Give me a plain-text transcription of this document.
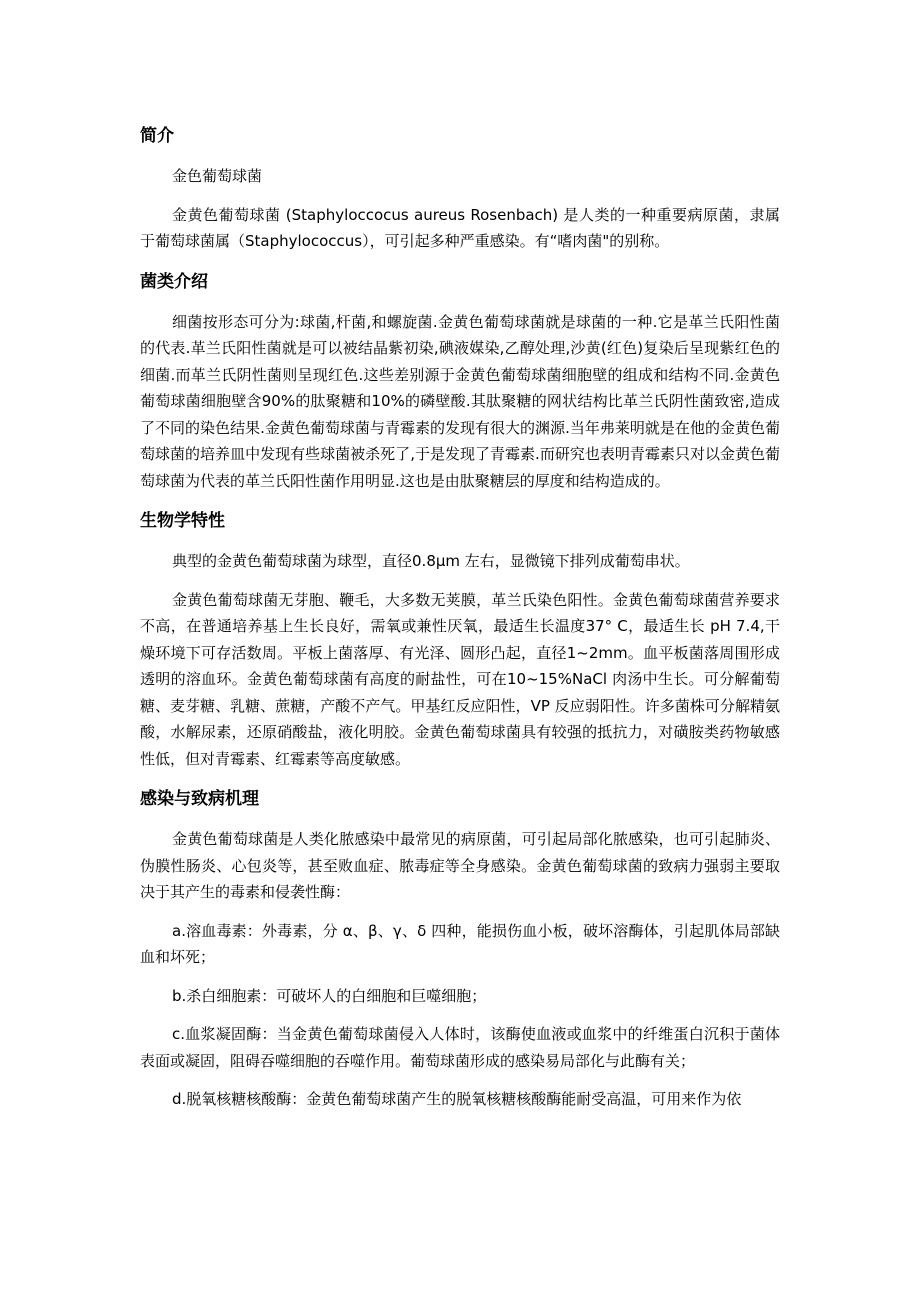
简介

金色葡萄球菌

金黄色葡萄球菌 (Staphyloccocus aureus Rosenbach) 是人类的一种重要病原菌，隶属于葡萄球菌属（Staphylococcus），可引起多种严重感染。有“嗜肉菌"的别称。

菌类介绍

细菌按形态可分为:球菌,杆菌,和螺旋菌.金黄色葡萄球菌就是球菌的一种.它是革兰氏阳性菌的代表.革兰氏阳性菌就是可以被结晶紫初染,碘液媒染,乙醇处理,沙黄(红色)复染后呈现紫红色的细菌.而革兰氏阴性菌则呈现红色.这些差别源于金黄色葡萄球菌细胞壁的组成和结构不同.金黄色葡萄球菌细胞壁含90%的肽聚糖和10%的磷壁酸.其肽聚糖的网状结构比革兰氏阴性菌致密,造成了不同的染色结果.金黄色葡萄球菌与青霉素的发现有很大的渊源.当年弗莱明就是在他的金黄色葡萄球菌的培养皿中发现有些球菌被杀死了,于是发现了青霉素.而研究也表明青霉素只对以金黄色葡萄球菌为代表的革兰氏阳性菌作用明显.这也是由肽聚糖层的厚度和结构造成的。

生物学特性

典型的金黄色葡萄球菌为球型，直径0.8μm 左右，显微镜下排列成葡萄串状。

金黄色葡萄球菌无芽胞、鞭毛，大多数无荚膜，革兰氏染色阳性。金黄色葡萄球菌营养要求不高，在普通培养基上生长良好，需氧或兼性厌氧，最适生长温度37° C，最适生长 pH 7.4,干燥环境下可存活数周。平板上菌落厚、有光泽、圆形凸起，直径1~2mm。血平板菌落周围形成透明的溶血环。金黄色葡萄球菌有高度的耐盐性，可在10~15%NaCl 肉汤中生长。可分解葡萄糖、麦芽糖、乳糖、蔗糖，产酸不产气。甲基红反应阳性，VP 反应弱阳性。许多菌株可分解精氨酸，水解尿素，还原硝酸盐，液化明胶。金黄色葡萄球菌具有较强的抵抗力，对磺胺类药物敏感性低，但对青霉素、红霉素等高度敏感。

感染与致病机理

金黄色葡萄球菌是人类化脓感染中最常见的病原菌，可引起局部化脓感染，也可引起肺炎、伪膜性肠炎、心包炎等，甚至败血症、脓毒症等全身感染。金黄色葡萄球菌的致病力强弱主要取决于其产生的毒素和侵袭性酶：

a.溶血毒素：外毒素，分 α、β、γ、δ 四种，能损伤血小板，破坏溶酶体，引起肌体局部缺血和坏死；

b.杀白细胞素：可破坏人的白细胞和巨噬细胞；

c.血浆凝固酶：当金黄色葡萄球菌侵入人体时，该酶使血液或血浆中的纤维蛋白沉积于菌体表面或凝固，阻碍吞噬细胞的吞噬作用。葡萄球菌形成的感染易局部化与此酶有关；

d.脱氧核糖核酸酶：金黄色葡萄球菌产生的脱氧核糖核酸酶能耐受高温，可用来作为依
